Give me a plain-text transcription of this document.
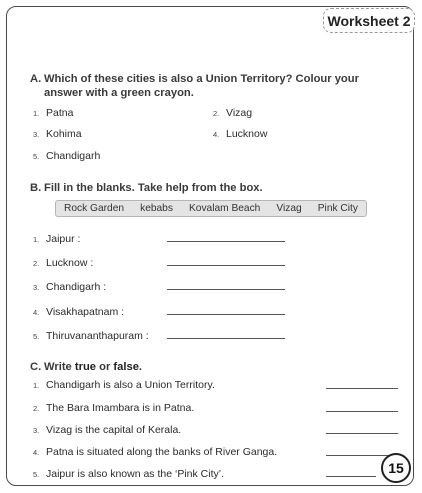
Worksheet 2
A. Which of these cities is also a Union Territory? Colour your answer with a green crayon.
1. Patna	2. Vizag
3. Kohima	4. Lucknow
5. Chandigarh
B. Fill in the blanks. Take help from the box.
Rock Garden kebabs Kovalam Beach Vizag Pink City
1. Jaipur :
2. Lucknow :
3. Chandigarh :
4. Visakhapatnam :
5. Thiruvananthapuram :
C. Write true or false.
1. Chandigarh is also a Union Territory.
2. The Bara Imambara is in Patna.
3. Vizag is the capital of Kerala.
4. Patna is situated along the banks of River Ganga.
5. Jaipur is also known as the ‘Pink City’.	15
